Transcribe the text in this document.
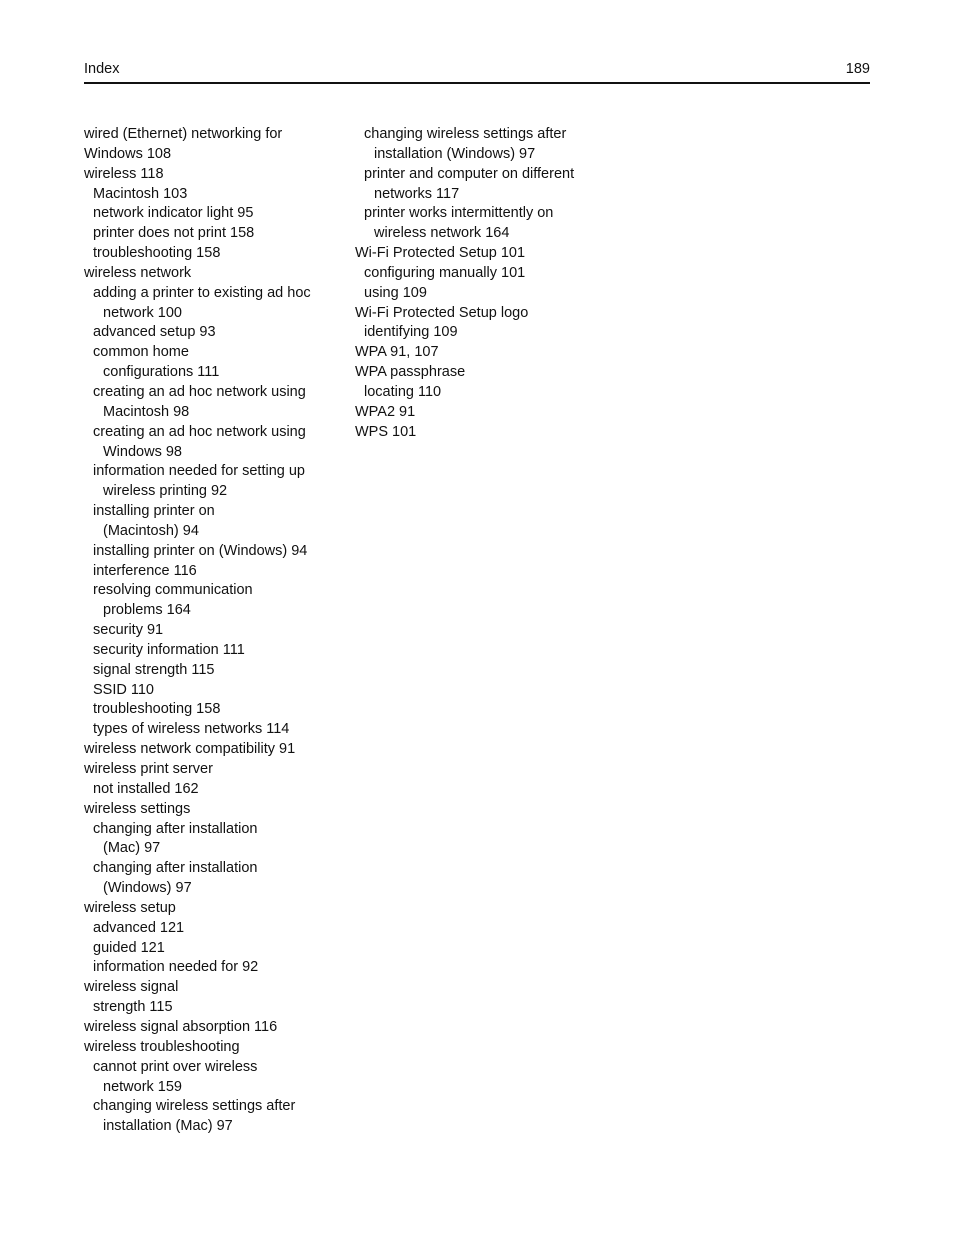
Index	189
wired (Ethernet) networking for
Windows 108
wireless 118
Macintosh 103
network indicator light 95
printer does not print 158
troubleshooting 158
wireless network
adding a printer to existing ad hoc
network 100
advanced setup 93
common home
configurations 111
creating an ad hoc network using
Macintosh 98
creating an ad hoc network using
Windows 98
information needed for setting up
wireless printing 92
installing printer on
(Macintosh) 94
installing printer on (Windows) 94
interference 116
resolving communication
problems 164
security 91
security information 111
signal strength 115
SSID 110
troubleshooting 158
types of wireless networks 114
wireless network compatibility 91
wireless print server
not installed 162
wireless settings
changing after installation
(Mac) 97
changing after installation
(Windows) 97
wireless setup
advanced 121
guided 121
information needed for 92
wireless signal
strength 115
wireless signal absorption 116
wireless troubleshooting
cannot print over wireless
network 159
changing wireless settings after
installation (Mac) 97
changing wireless settings after
installation (Windows) 97
printer and computer on different
networks 117
printer works intermittently on
wireless network 164
Wi-Fi Protected Setup 101
configuring manually 101
using 109
Wi-Fi Protected Setup logo
identifying 109
WPA 91, 107
WPA passphrase
locating 110
WPA2 91
WPS 101
